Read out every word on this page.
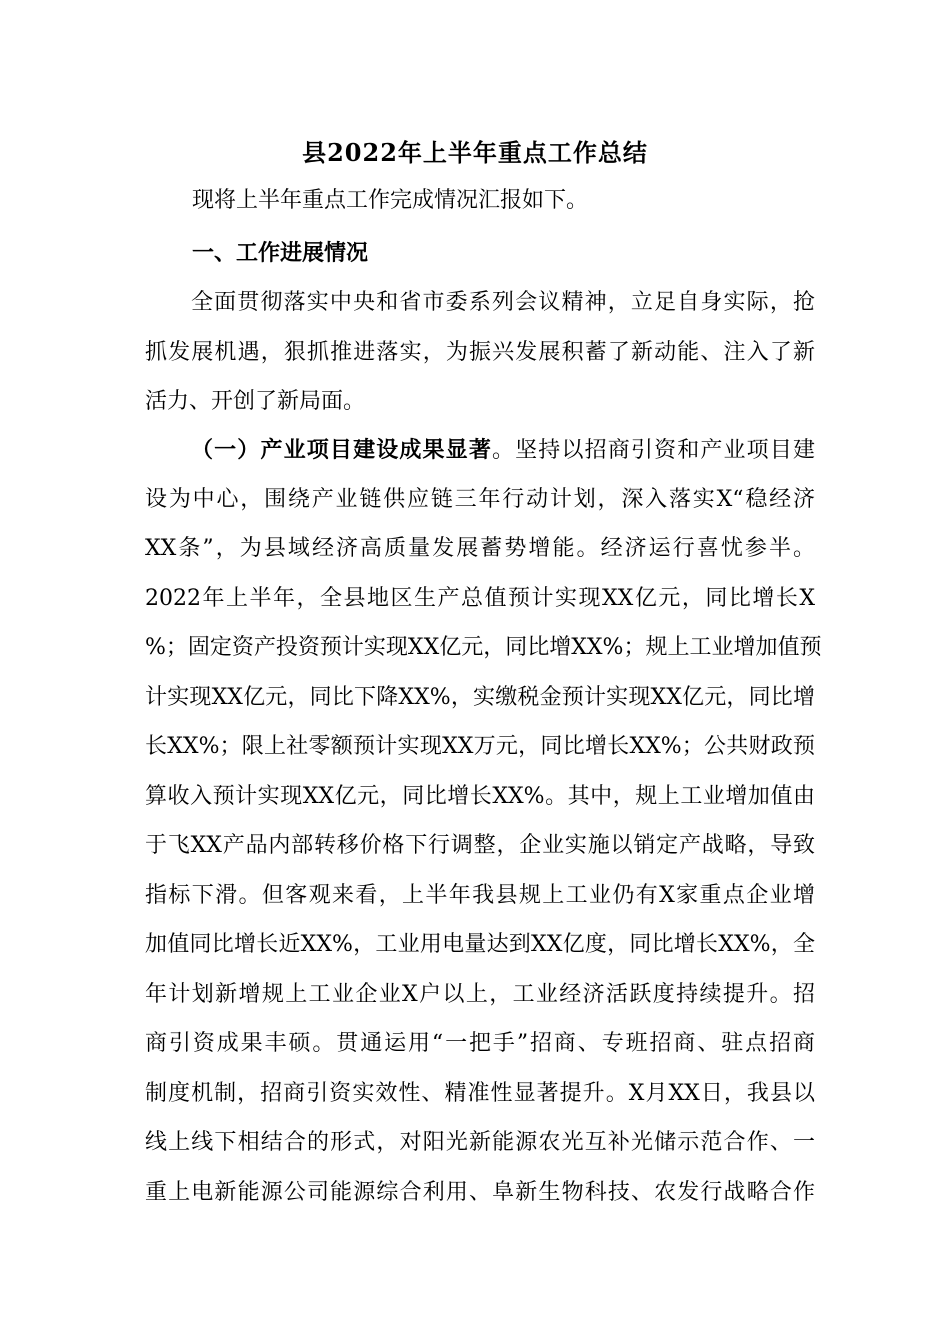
县2022年上半年重点工作总结
现将上半年重点工作完成情况汇报如下。
一、工作进展情况
全面贯彻落实中央和省市委系列会议精神，立足自身实际，抢
抓发展机遇，狠抓推进落实，为振兴发展积蓄了新动能、注入了新
活力、开创了新局面。
（一）产业项目建设成果显著。坚持以招商引资和产业项目建
设为中心，围绕产业链供应链三年行动计划，深入落实X“稳经济
XX条”，为县域经济高质量发展蓄势增能。经济运行喜忧参半。
2022年上半年，全县地区生产总值预计实现XX亿元，同比增长X
%；固定资产投资预计实现XX亿元，同比增XX%；规上工业增加值预
计实现XX亿元，同比下降XX%，实缴税金预计实现XX亿元，同比增
长XX%；限上社零额预计实现XX万元，同比增长XX%；公共财政预
算收入预计实现XX亿元，同比增长XX%。其中，规上工业增加值由
于飞XX产品内部转移价格下行调整，企业实施以销定产战略，导致
指标下滑。但客观来看，上半年我县规上工业仍有X家重点企业增
加值同比增长近XX%，工业用电量达到XX亿度，同比增长XX%，全
年计划新增规上工业企业X户以上，工业经济活跃度持续提升。招
商引资成果丰硕。贯通运用“一把手”招商、专班招商、驻点招商
制度机制，招商引资实效性、精准性显著提升。X月XX日，我县以
线上线下相结合的形式，对阳光新能源农光互补光储示范合作、一
重上电新能源公司能源综合利用、阜新生物科技、农发行战略合作
